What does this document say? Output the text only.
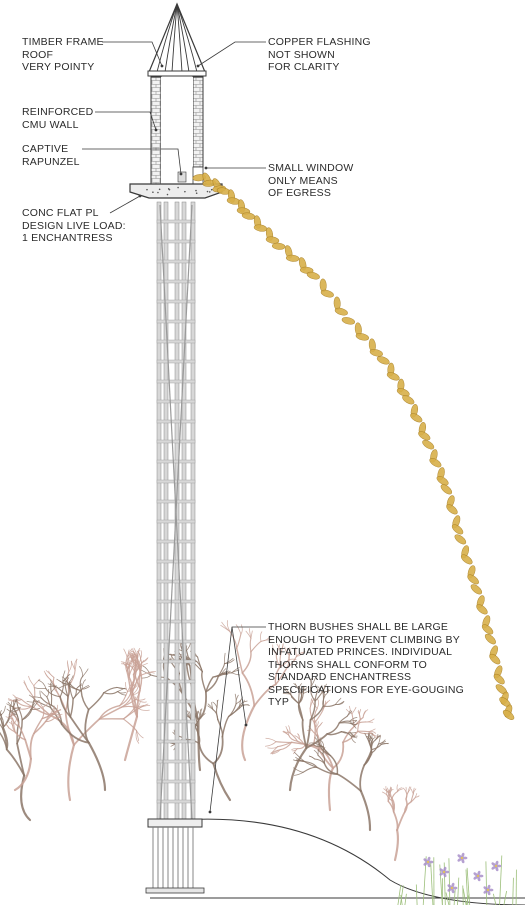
TIMBER FRAME
ROOF
VERY POINTY
COPPER FLASHING
NOT SHOWN
FOR CLARITY
REINFORCED
CMU WALL
CAPTIVE
RAPUNZEL
SMALL WINDOW
ONLY MEANS
OF EGRESS
CONC FLAT PL
DESIGN LIVE LOAD:
1 ENCHANTRESS
THORN BUSHES SHALL BE LARGE
ENOUGH TO PREVENT CLIMBING BY
INFATUATED PRINCES. INDIVIDUAL
THORNS SHALL CONFORM TO
STANDARD ENCHANTRESS
SPECIFICATIONS FOR EYE-GOUGING
TYP
